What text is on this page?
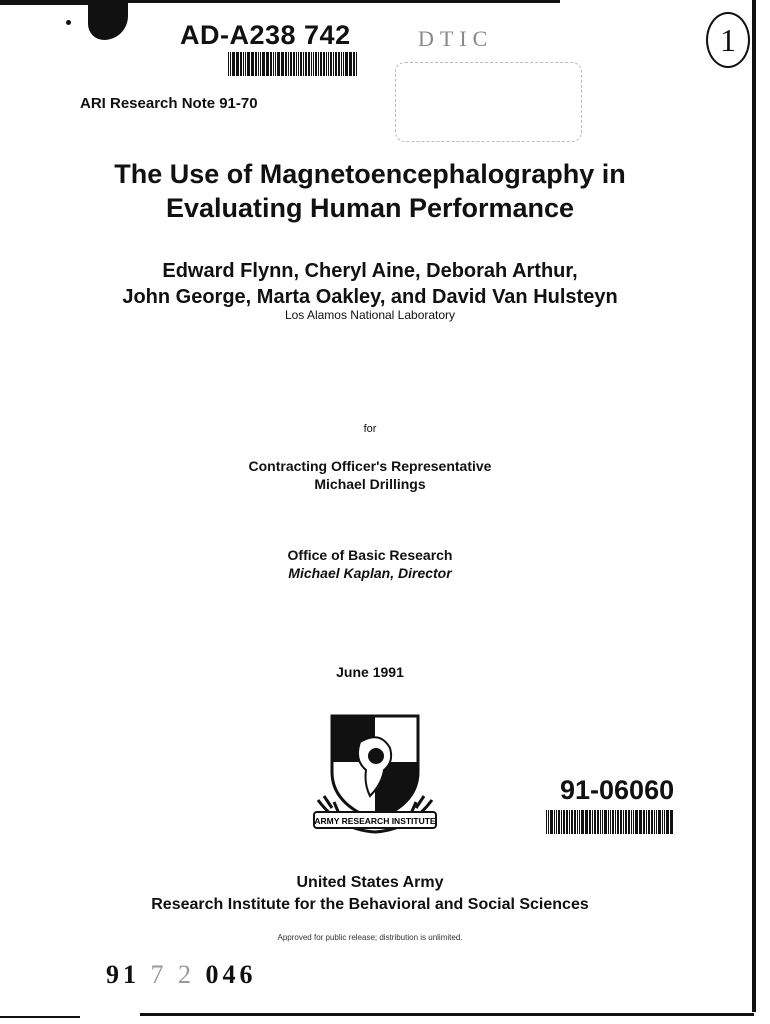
AD-A238 742	DTIC	1
ARI Research Note 91-70
The Use of Magnetoencephalography in
Evaluating Human Performance
Edward Flynn, Cheryl Aine, Deborah Arthur,
John George, Marta Oakley, and David Van Hulsteyn
Los Alamos National Laboratory
for
Contracting Officer's Representative
Michael Drillings
Office of Basic Research
Michael Kaplan, Director
June 1991
ARMY RESEARCH INSTITUTE
91-06060
United States Army
Research Institute for the Behavioral and Social Sciences
Approved for public release; distribution is unlimited.
91 7 2 046
